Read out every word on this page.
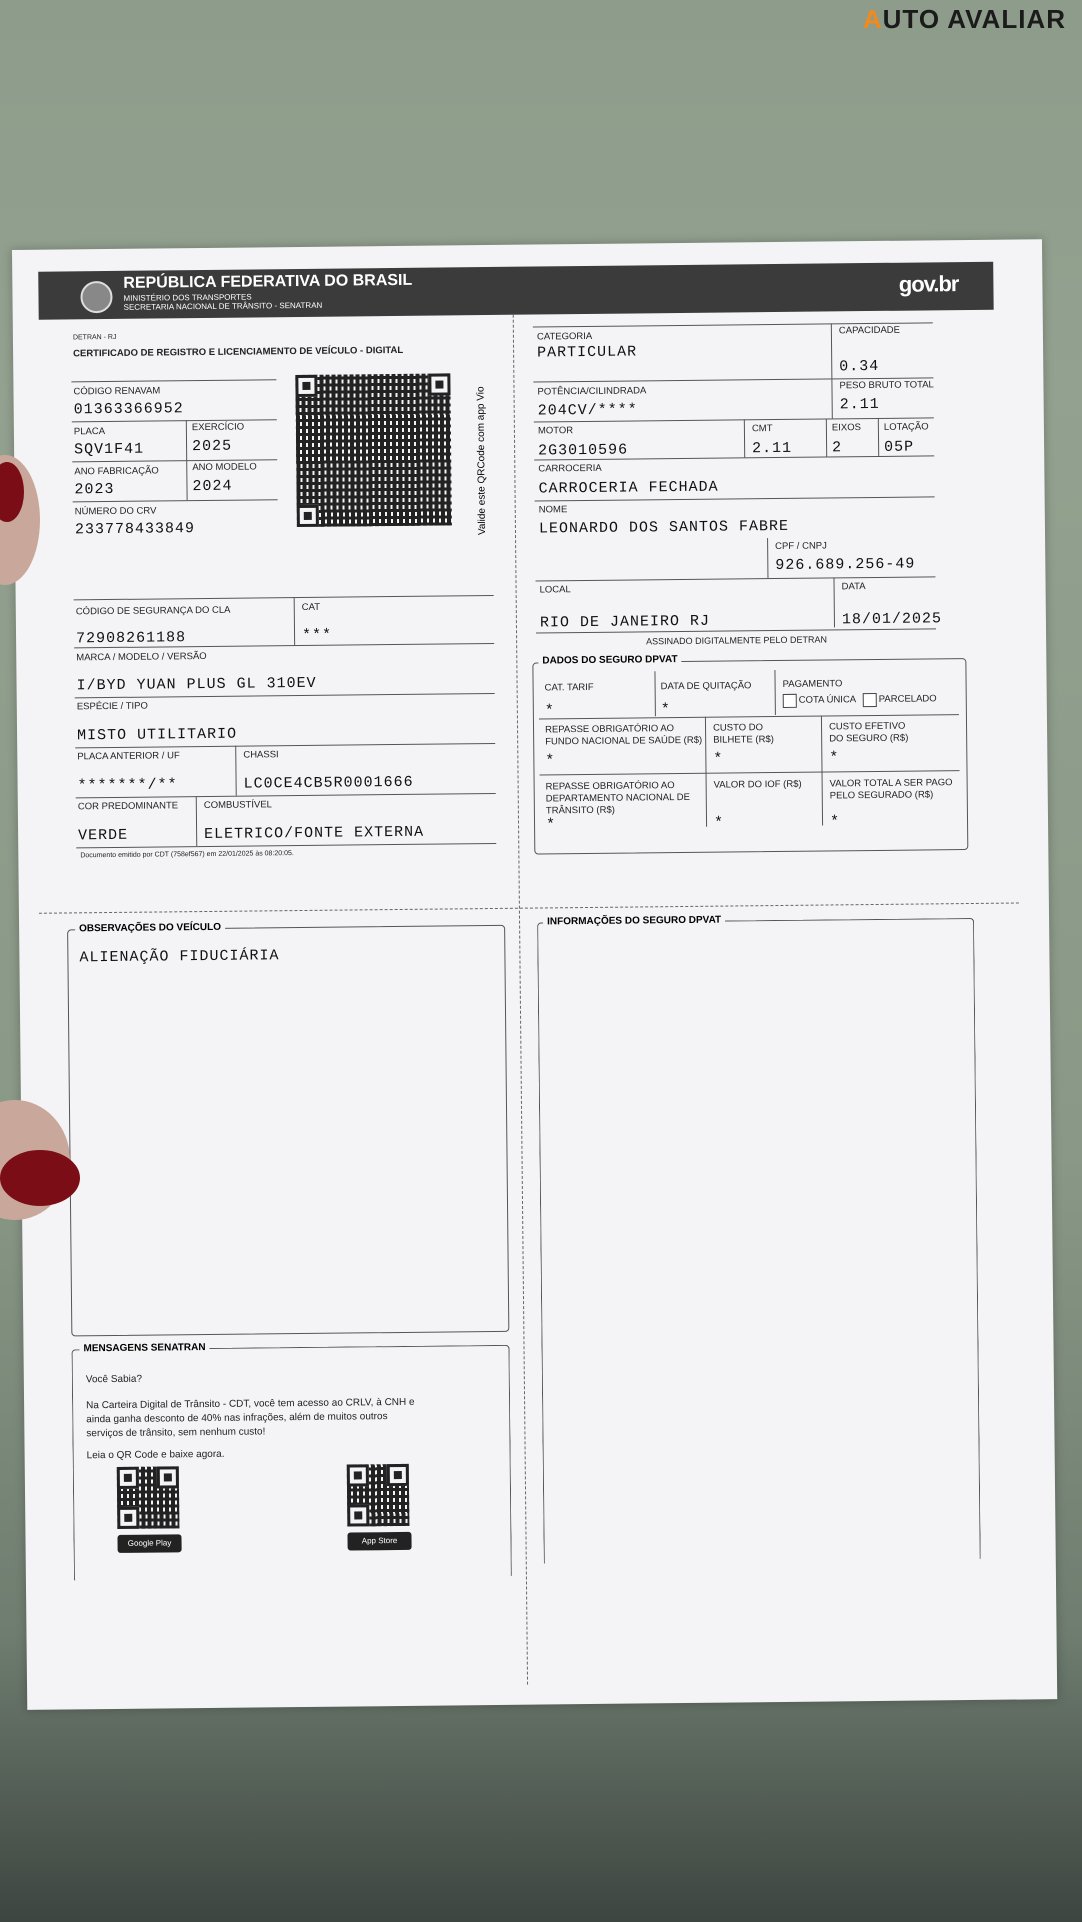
AUTO AVALIAR
REPÚBLICA FEDERATIVA DO BRASIL
MINISTÉRIO DOS TRANSPORTES
SECRETARIA NACIONAL DE TRÂNSITO - SENATRAN
gov.br
DETRAN - RJ
CERTIFICADO DE REGISTRO E LICENCIAMENTO DE VEÍCULO - DIGITAL
CÓDIGO RENAVAM
01363366952
PLACA
SQV1F41
EXERCÍCIO
2025
ANO FABRICAÇÃO
2023
ANO MODELO
2024
NÚMERO DO CRV
233778433849	Valide este QRCode com app Vio
CÓDIGO DE SEGURANÇA DO CLA
72908261188
CAT
***
MARCA / MODELO / VERSÃO
I/BYD YUAN PLUS GL 310EV
ESPÉCIE / TIPO
MISTO UTILITARIO
PLACA ANTERIOR / UF
*******/**
CHASSI
LC0CE4CB5R0001666
COR PREDOMINANTE
VERDE
COMBUSTÍVEL
ELETRICO/FONTE EXTERNA
Documento emitido por CDT (758ef567) em 22/01/2025 às 08:20:05.
CATEGORIA
PARTICULAR
CAPACIDADE
0.34
POTÊNCIA/CILINDRADA
204CV/****
PESO BRUTO TOTAL
2.11
MOTOR
2G3010596
CMT
2.11
EIXOS
2
LOTAÇÃO
05P
CARROCERIA
CARROCERIA FECHADA
NOME
LEONARDO DOS SANTOS FABRE
CPF / CNPJ
926.689.256-49
LOCAL
RIO DE JANEIRO RJ
DATA
18/01/2025
ASSINADO DIGITALMENTE PELO DETRAN
DADOS DO SEGURO DPVAT
CAT. TARIF
*
DATA DE QUITAÇÃO
*
PAGAMENTO
COTA ÚNICA PARCELADO
REPASSE OBRIGATÓRIO AO
FUNDO NACIONAL DE SAÚDE (R$)
*
CUSTO DO
BILHETE (R$)
*
CUSTO EFETIVO
DO SEGURO (R$)
*
REPASSE OBRIGATÓRIO AO
DEPARTAMENTO NACIONAL DE
TRÂNSITO (R$)
*
VALOR DO IOF (R$)
*
VALOR TOTAL A SER PAGO
PELO SEGURADO (R$)
*
OBSERVAÇÕES DO VEÍCULO
ALIENAÇÃO FIDUCIÁRIA
INFORMAÇÕES DO SEGURO DPVAT
MENSAGENS SENATRAN
Você Sabia?
Na Carteira Digital de Trânsito - CDT, você tem acesso ao CRLV, à CNH e
ainda ganha desconto de 40% nas infrações, além de muitos outros
serviços de trânsito, sem nenhum custo!
Leia o QR Code e baixe agora.
Google Play	App Store
